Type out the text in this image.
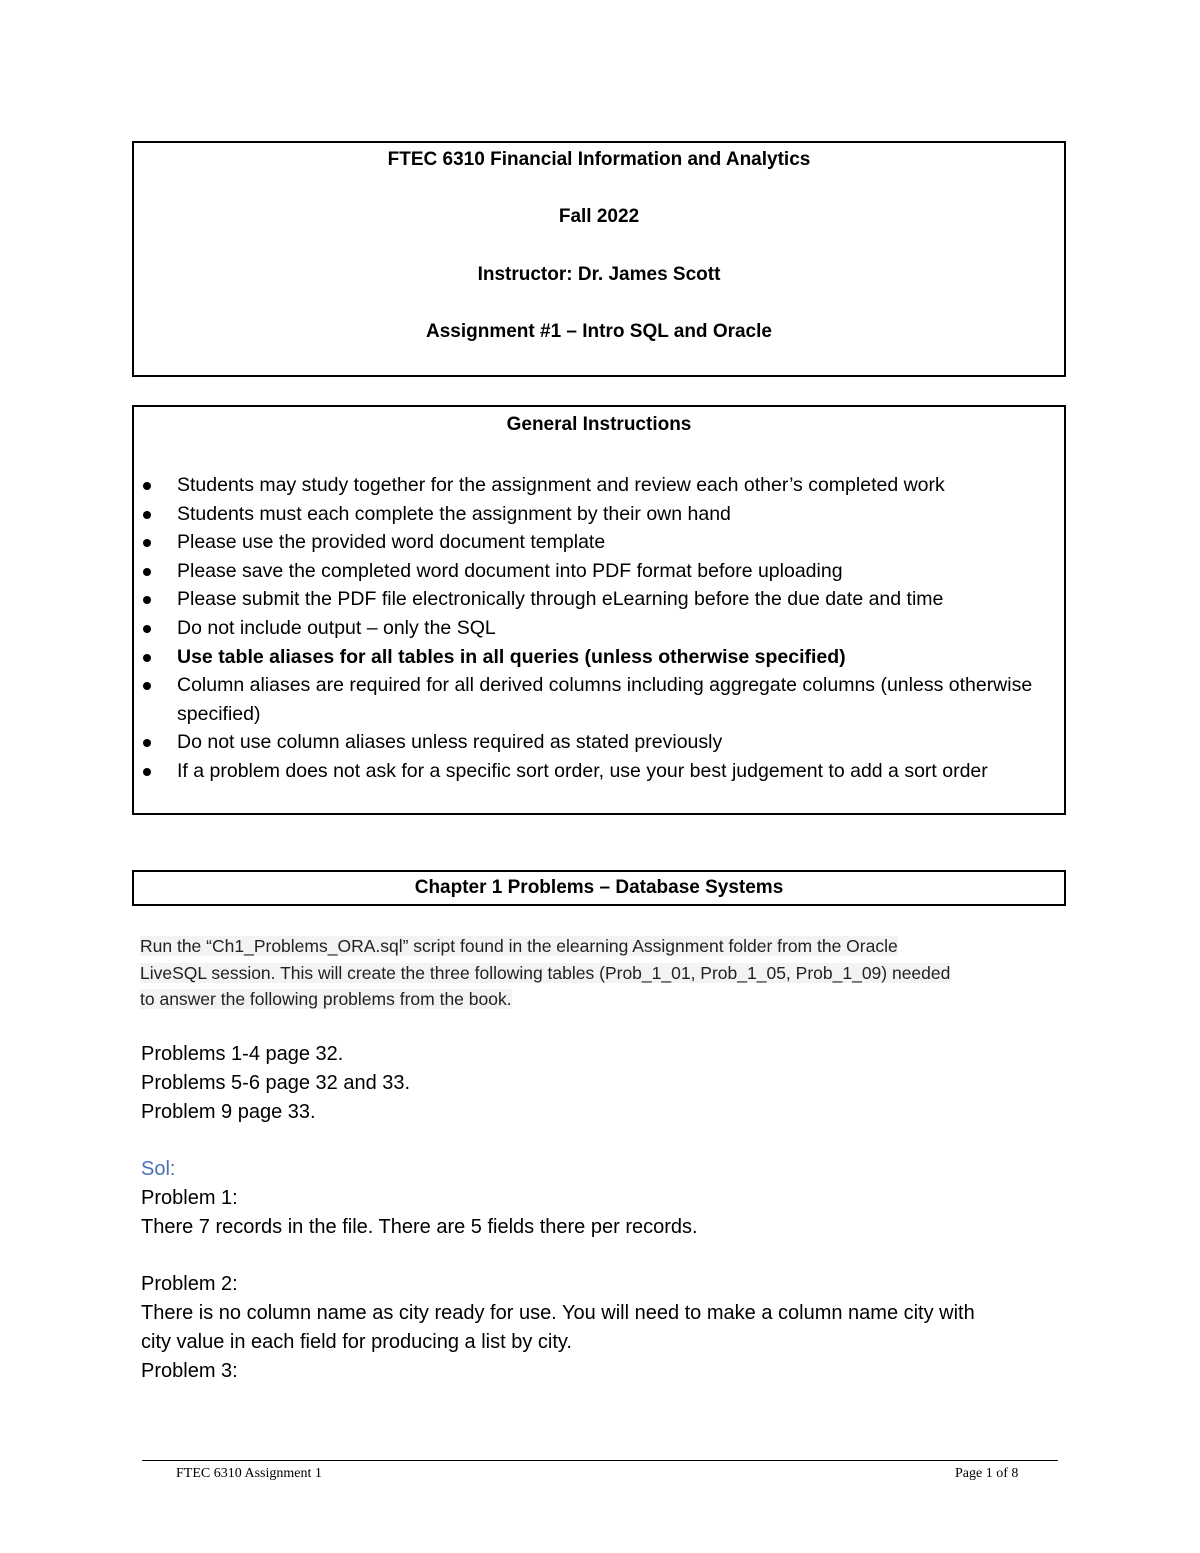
FTEC 6310 Financial Information and Analytics
Fall 2022
Instructor: Dr. James Scott
Assignment #1 – Intro SQL and Oracle
General Instructions
Students may study together for the assignment and review each other’s completed work
Students must each complete the assignment by their own hand
Please use the provided word document template
Please save the completed word document into PDF format before uploading
Please submit the PDF file electronically through eLearning before the due date and time
Do not include output – only the SQL
Use table aliases for all tables in all queries (unless otherwise specified)
Column aliases are required for all derived columns including aggregate columns (unless otherwise specified)
Do not use column aliases unless required as stated previously
If a problem does not ask for a specific sort order, use your best judgement to add a sort order
Chapter 1 Problems – Database Systems
Run the “Ch1_Problems_ORA.sql” script found in the elearning Assignment folder from the Oracle
LiveSQL session. This will create the three following tables (Prob_1_01, Prob_1_05, Prob_1_09) needed
to answer the following problems from the book.
Problems 1-4 page 32.
Problems 5-6 page 32 and 33.
Problem 9 page 33.
Sol:
Problem 1:
There 7 records in the file. There are 5 fields there per records.
Problem 2:
There is no column name as city ready for use. You will need to make a column name city with
city value in each field for producing a list by city.
Problem 3:
FTEC 6310 Assignment 1	Page 1 of 8
